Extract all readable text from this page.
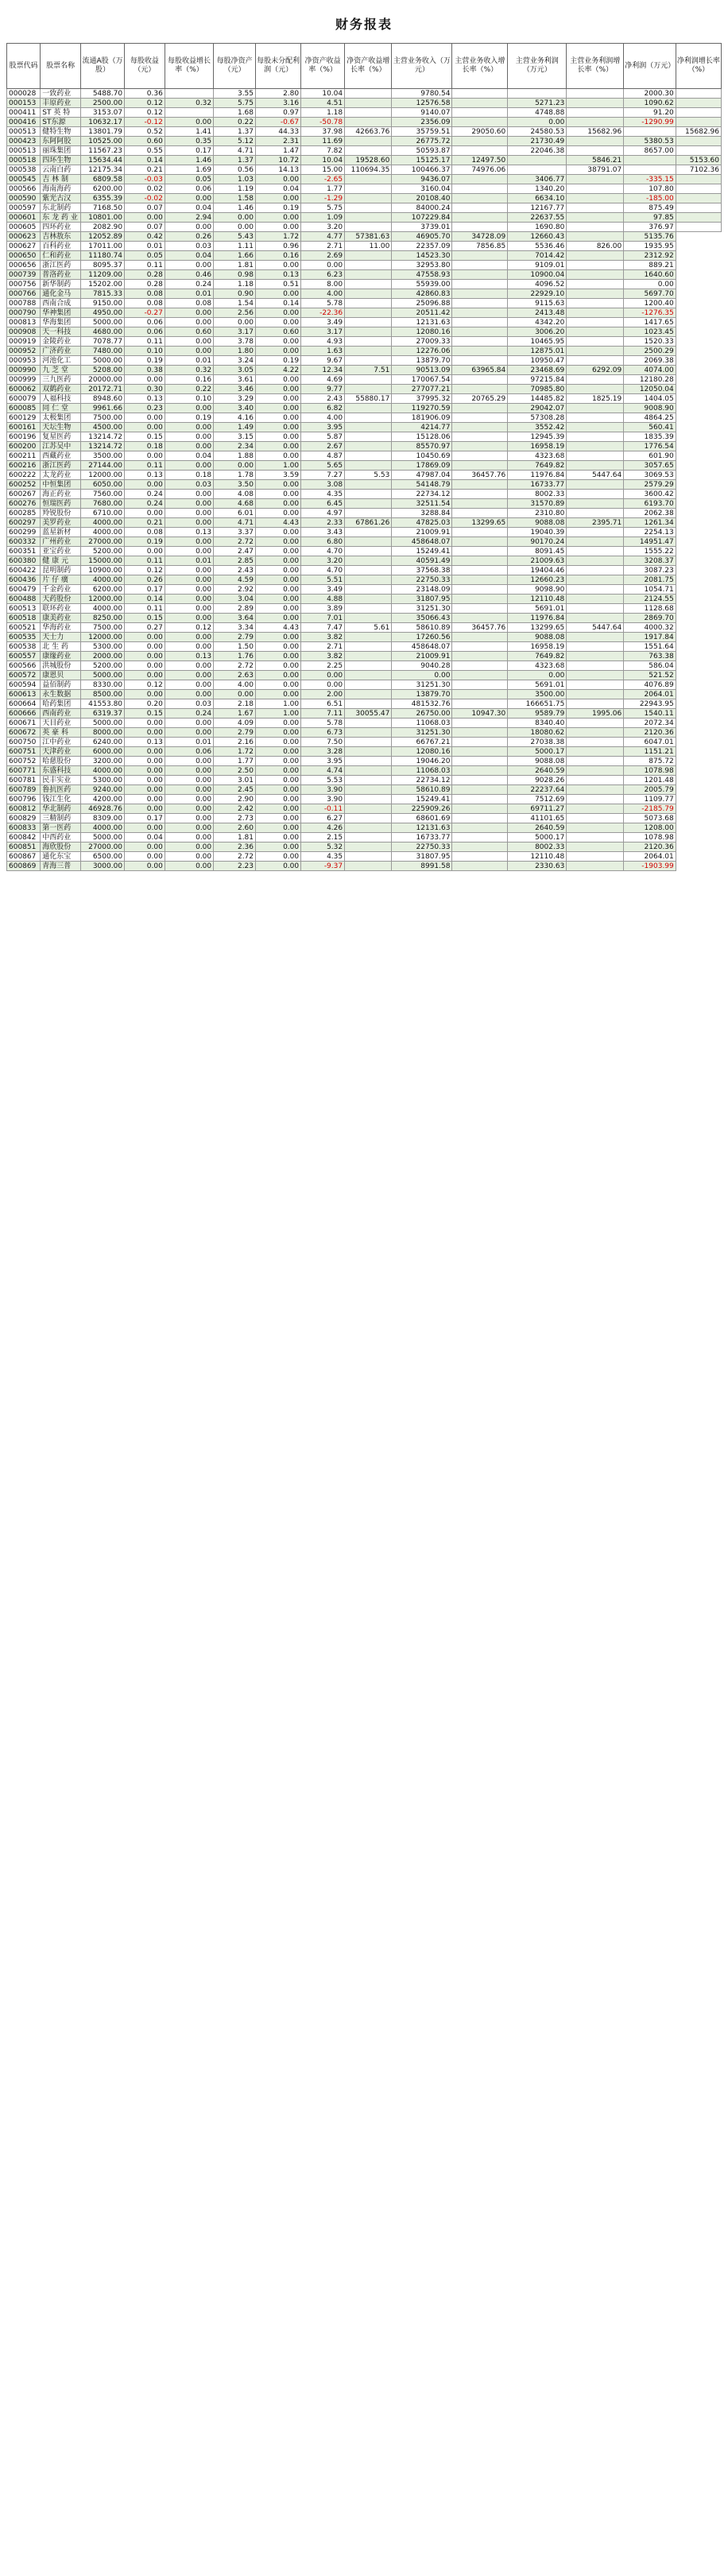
财务报表
股票代码	股票名称	流通A股（万股）	每股收益（元）	每股收益增长率（%）	每股净资产（元）	每股未分配利润（元）	净资产收益率（%）	净资产收益增长率（%）	主营业务收入（万元）	主营业务收入增长率（%）	主营业务利润（万元）	主营业务利润增长率（%）	净利润（万元）	净利润增长率（%）
000028	一致药业	5488.70	0.36		3.55	2.80	10.04		9780.54				2000.30	
000153	丰原药业	2500.00	0.12	0.32	5.75	3.16	4.51		12576.58		5271.23		1090.62	
000411	ST 英 特	3153.07	0.12		1.68	0.97	1.18		9140.07		4748.88		91.20	
000416	ST东源	10632.17	-0.12	0.00	0.22	-0.67	-50.78		2356.09		0.00		-1290.99	
000513	健特生物	13801.79	0.52	1.41	1.37	44.33	37.98	42663.76	35759.51	29050.60	24580.53	15682.96		15682.96
000423	东阿阿胶	10525.00	0.60	0.35	5.12	2.31	11.69		26775.72		21730.49		5380.53	
000513	丽珠集团	11567.23	0.55	0.17	4.71	1.47	7.82		50593.87		22046.38		8657.00	
000518	四环生物	15634.44	0.14	1.46	1.37	10.72	10.04	19528.60	15125.17	12497.50		5846.21		5153.60
000538	云南白药	12175.34	0.21	1.69	0.56	14.13	15.00	110694.35	100466.37	74976.06		38791.07		7102.36
000545	吉 林 制	6809.58	-0.03	0.05	1.03	0.00	-2.65		9436.07		3406.77		-335.15	
000566	海南海药	6200.00	0.02	0.06	1.19	0.04	1.77		3160.04		1340.20		107.80	
000590	紫光古汉	6355.39	-0.02	0.00	1.58	0.00	-1.29		20108.40		6634.10		-185.00	
000597	东北制药	7168.50	0.07	0.04	1.46	0.19	5.75		84000.24		12167.77		875.49	
000601	东 龙 药 业	10801.00	0.00	2.94	0.00	0.00	1.09		107229.84		22637.55		97.85	
000605	四环药业	2082.90	0.07	0.00	0.00	0.00	3.20		3739.01		1690.80		376.97	
000623	吉林敖东	12052.89	0.42	0.26	5.43	1.72	4.77	57381.63	46905.70	34728.09	12660.43		5135.76	
000627	百科药业	17011.00	0.01	0.03	1.11	0.96	2.71	11.00	22357.09	7856.85	5536.46	826.00	1935.95	
000650	仁和药业	11180.74	0.05	0.04	1.66	0.16	2.69		14523.30		7014.42		2312.92	
000656	浙江医药	8095.37	0.11	0.00	1.81	0.00	0.00		32953.80		9109.01		889.21	
000739	普洛药业	11209.00	0.28	0.46	0.98	0.13	6.23		47558.93		10900.04		1640.60	
000756	新华制药	15202.00	0.28	0.24	1.18	0.51	8.00		55939.00		4096.52		0.00	
000766	通化金马	7815.33	0.08	0.01	0.90	0.00	4.00		42860.83		22929.10		5697.70	
000788	西南合成	9150.00	0.08	0.08	1.54	0.14	5.78		25096.88		9115.63		1200.40	
000790	华神集团	4950.00	-0.27	0.00	2.56	0.00	-22.36		20511.42		2413.48		-1276.35	
000813	华海集团	5000.00	0.06	0.00	0.00	0.00	3.49		12131.63		4342.20		1417.65	
000908	天一科技	4680.00	0.06	0.60	3.17	0.60	3.17		12080.16		3006.20		1023.45	
000919	金陵药业	7078.77	0.11	0.00	3.78	0.00	4.93		27009.33		10465.95		1520.33	
000952	广济药业	7480.00	0.10	0.00	1.80	0.00	1.63		12276.06		12875.01		2500.29	
000953	河池化工	5000.00	0.19	0.01	3.24	0.19	9.67		13879.70		10950.47		2069.38	
000990	九 芝 堂	5208.00	0.38	0.32	3.05	4.22	12.34	7.51	90513.09	63965.84	23468.69	6292.09	4074.00	
000999	三九医药	20000.00	0.00	0.16	3.61	0.00	4.69		170067.54		97215.84		12180.28	
600062	双鹤药业	20172.71	0.30	0.22	3.46	0.00	9.77		277077.21		70985.80		12050.04	
600079	人福科技	8948.60	0.13	0.10	3.29	0.00	2.43	55880.17	37995.32	20765.29	14485.82	1825.19	1404.05	
600085	同 仁 堂	9961.66	0.23	0.00	3.40	0.00	6.82		119270.59		29042.07		9008.90	
600129	太极集团	7500.00	0.00	0.19	4.16	0.00	4.00		181906.09		57308.28		4864.25	
600161	天坛生物	4500.00	0.00	0.00	1.49	0.00	3.95		4214.77		3552.42		560.41	
600196	复星医药	13214.72	0.15	0.00	3.15	0.00	5.87		15128.06		12945.39		1835.39	
600200	江苏吴中	13214.72	0.18	0.00	2.34	0.00	2.67		85570.97		16958.19		1776.54	
600211	西藏药业	3500.00	0.00	0.04	1.88	0.00	4.87		10450.69		4323.68		601.90	
600216	浙江医药	27144.00	0.11	0.00	0.00	1.00	5.65		17869.09		7649.82		3057.65	
600222	太龙药业	12000.00	0.13	0.18	1.78	3.59	7.27	5.53	47987.04	36457.76	11976.84	5447.64	3069.53	
600252	中恒集团	6050.00	0.00	0.03	3.50	0.00	3.08		54148.79		16733.77		2579.29	
600267	海正药业	7560.00	0.24	0.00	4.08	0.00	4.35		22734.12		8002.33		3600.42	
600276	恒瑞医药	7680.00	0.24	0.00	4.68	0.00	6.45		32511.54		31570.89		6193.70	
600285	羚锐股份	6710.00	0.00	0.00	6.01	0.00	4.97		3288.84		2310.80		2062.38	
600297	美罗药业	4000.00	0.21	0.00	4.71	4.43	2.33	67861.26	47825.03	13299.65	9088.08	2395.71	1261.34	
600299	蓝星新材	4000.00	0.08	0.13	3.37	0.00	3.43		21009.91		19040.39		2254.13	
600332	广州药业	27000.00	0.19	0.00	2.72	0.00	6.80		458648.07		90170.24		14951.47	
600351	亚宝药业	5200.00	0.00	0.00	2.47	0.00	4.70		15249.41		8091.45		1555.22	
600380	健 康 元	15000.00	0.11	0.01	2.85	0.00	3.20		40591.49		21009.63		3208.37	
600422	昆明制药	10900.00	0.12	0.00	2.43	0.00	4.70		37568.38		19404.46		3087.23	
600436	片 仔 癀	4000.00	0.26	0.00	4.59	0.00	5.51		22750.33		12660.23		2081.75	
600479	千金药业	6200.00	0.17	0.00	2.92	0.00	3.49		23148.09		9098.90		1054.71	
600488	天药股份	12000.00	0.14	0.00	3.04	0.00	4.88		31807.95		12110.48		2124.55	
600513	联环药业	4000.00	0.11	0.00	2.89	0.00	3.89		31251.30		5691.01		1128.68	
600518	康美药业	8250.00	0.15	0.00	3.64	0.00	7.01		35066.43		11976.84		2869.70	
600521	华海药业	7500.00	0.27	0.12	3.34	4.43	7.47	5.61	58610.89	36457.76	13299.65	5447.64	4000.32	
600535	天士力	12000.00	0.00	0.00	2.79	0.00	3.82		17260.56		9088.08		1917.84	
600538	北 生 药	5300.00	0.00	0.00	1.50	0.00	2.71		458648.07		16958.19		1551.64	
600557	康缘药业	2000.00	0.00	0.13	1.76	0.00	3.82		21009.91		7649.82		763.38	
600566	洪城股份	5200.00	0.00	0.00	2.72	0.00	2.25		9040.28		4323.68		586.04	
600572	康恩贝	5000.00	0.00	0.00	2.63	0.00	0.00		0.00		0.00		521.52	
600594	益佰制药	8330.00	0.12	0.00	4.00	0.00	0.00		31251.30		5691.01		4076.89	
600613	永生数据	8500.00	0.00	0.00	0.00	0.00	2.00		13879.70		3500.00		2064.01	
600664	哈药集团	41553.80	0.20	0.03	2.18	1.00	6.51		481532.76		166651.75		22943.95	
600666	西南药业	6319.37	0.15	0.24	1.67	1.00	7.11	30055.47	26750.00	10947.30	9589.79	1995.06	1540.11	
600671	天目药业	5000.00	0.00	0.00	4.09	0.00	5.78		11068.03		8340.40		2072.34	
600672	英 豪 科	8000.00	0.00	0.00	2.79	0.00	6.73		31251.30		18080.62		2120.36	
600750	江中药业	6240.00	0.13	0.01	2.16	0.00	7.50		66767.21		27038.38		6047.01	
600751	天津药业	6000.00	0.00	0.06	1.72	0.00	3.28		12080.16		5000.17		1151.21	
600752	哈慈股份	3200.00	0.00	0.00	1.77	0.00	3.95		19046.20		9088.08		875.72	
600771	东盛科技	4000.00	0.00	0.00	2.50	0.00	4.74		11068.03		2640.59		1078.98	
600781	民丰实业	5300.00	0.00	0.00	3.01	0.00	5.53		22734.12		9028.26		1201.48	
600789	鲁抗医药	9240.00	0.00	0.00	2.45	0.00	3.90		58610.89		22237.64		2005.79	
600796	钱江生化	4200.00	0.00	0.00	2.90	0.00	3.90		15249.41		7512.69		1109.77	
600812	华北制药	46928.76	0.00	0.00	2.42	0.00	-0.11		225909.26		69711.27		-2185.79	
600829	三精制药	8309.00	0.17	0.00	2.73	0.00	6.27		68601.69		41101.65		5073.68	
600833	第一医药	4000.00	0.00	0.00	2.60	0.00	4.26		12131.63		2640.59		1208.00	
600842	中西药业	5000.00	0.04	0.00	1.81	0.00	2.15		16733.77		5000.17		1078.98	
600851	海欣股份	27000.00	0.00	0.00	2.36	0.00	5.32		22750.33		8002.33		2120.36	
600867	通化东宝	6500.00	0.00	0.00	2.72	0.00	4.35		31807.95		12110.48		2064.01	
600869	青海三普	3000.00	0.00	0.00	2.23	0.00	-9.37		8991.58		2330.63		-1903.99	
